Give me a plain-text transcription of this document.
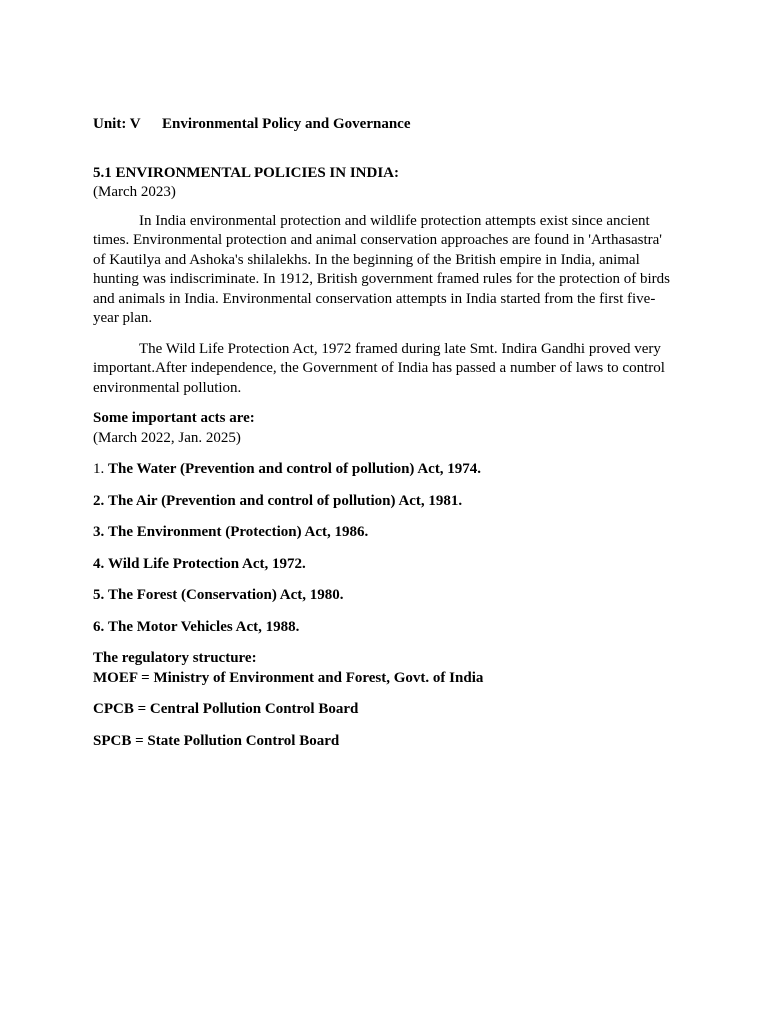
Unit: V Environmental Policy and Governance

5.1 ENVIRONMENTAL POLICIES IN INDIA:

(March 2023)

In India environmental protection and wildlife protection attempts exist since ancient times. Environmental protection and animal conservation approaches are found in 'Arthasastra' of Kautilya and Ashoka's shilalekhs. In the beginning of the British empire in India, animal hunting was indiscriminate. In 1912, British government framed rules for the protection of birds and animals in India. Environmental conservation attempts in India started from the first five-year plan.

The Wild Life Protection Act, 1972 framed during late Smt. Indira Gandhi proved very important.After independence, the Government of India has passed a number of laws to control environmental pollution.

Some important acts are:

(March 2022, Jan. 2025)

1. The Water (Prevention and control of pollution) Act, 1974.
2. The Air (Prevention and control of pollution) Act, 1981.
3. The Environment (Protection) Act, 1986.
4. Wild Life Protection Act, 1972.
5. The Forest (Conservation) Act, 1980.
6. The Motor Vehicles Act, 1988.

The regulatory structure:

MOEF = Ministry of Environment and Forest, Govt. of India

CPCB = Central Pollution Control Board

SPCB = State Pollution Control Board
